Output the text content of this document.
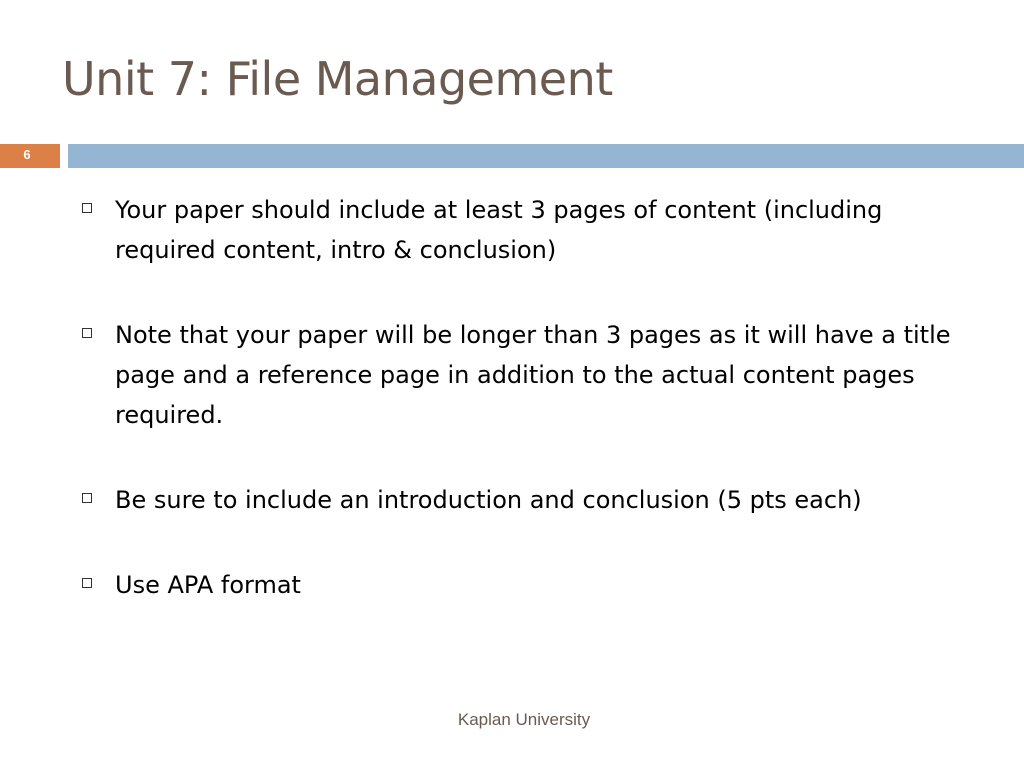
Unit 7: File Management
6
Your paper should include at least 3 pages of content (including required content, intro & conclusion)
Note that your paper will be longer than 3 pages as it will have a title page and a reference page in addition to the actual content pages required.
Be sure to include an introduction and conclusion (5 pts each)
Use APA format
Kaplan University
